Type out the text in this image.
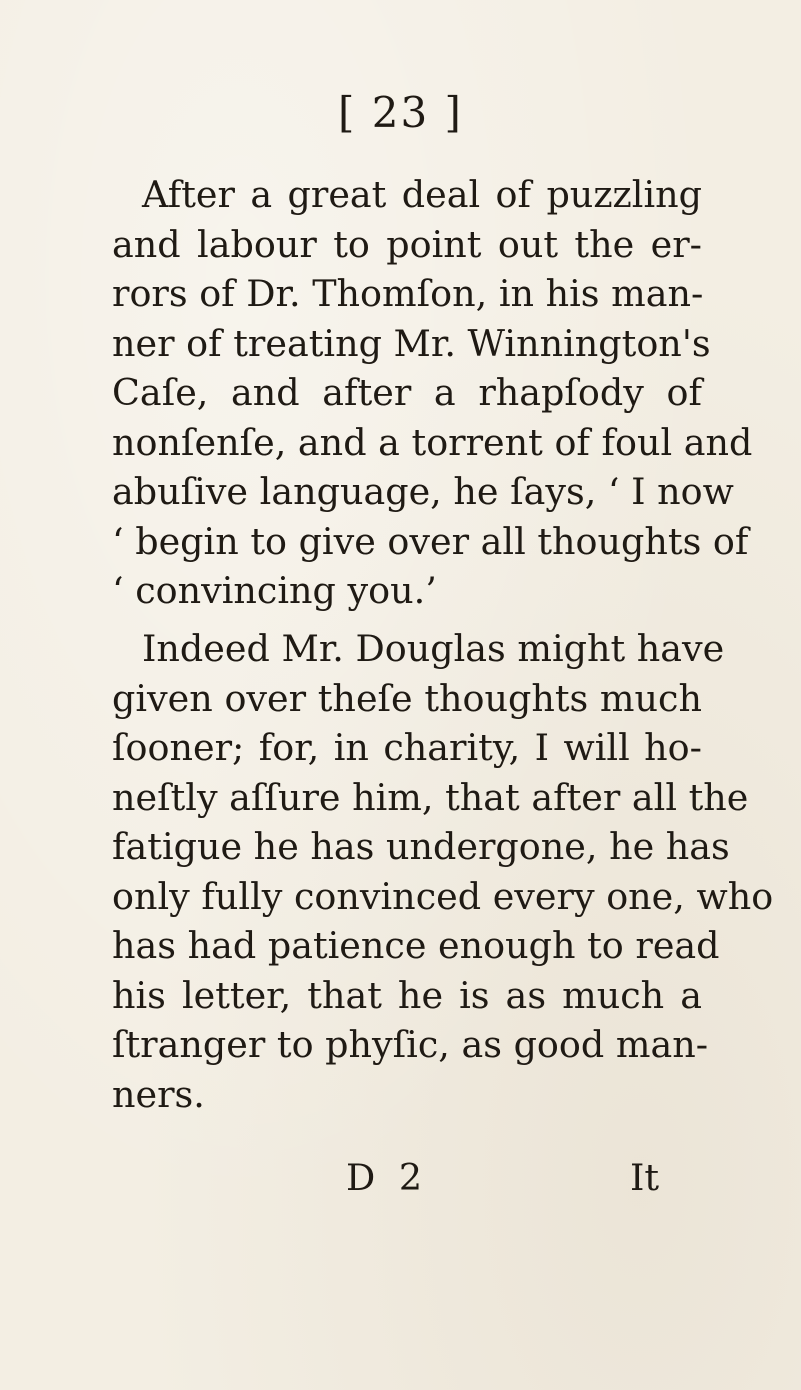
[ 23 ]
After a great deal of puzzling
and labour to point out the er-
rors of Dr. Thomſon, in his man-
ner of treating Mr. Winnington's
Caſe, and after a rhapſody of
nonſenſe, and a torrent of foul and
abuſive language, he ſays, ‘ I now
‘ begin to give over all thoughts of
‘ convincing you.’
Indeed Mr. Douglas might have
given over theſe thoughts much
ſooner; for, in charity, I will ho-
neſtly aſſure him, that after all the
fatigue he has undergone, he has
only fully convinced every one, who
has had patience enough to read
his letter, that he is as much a
ſtranger to phyſic, as good man-
ners.
D 2	It
